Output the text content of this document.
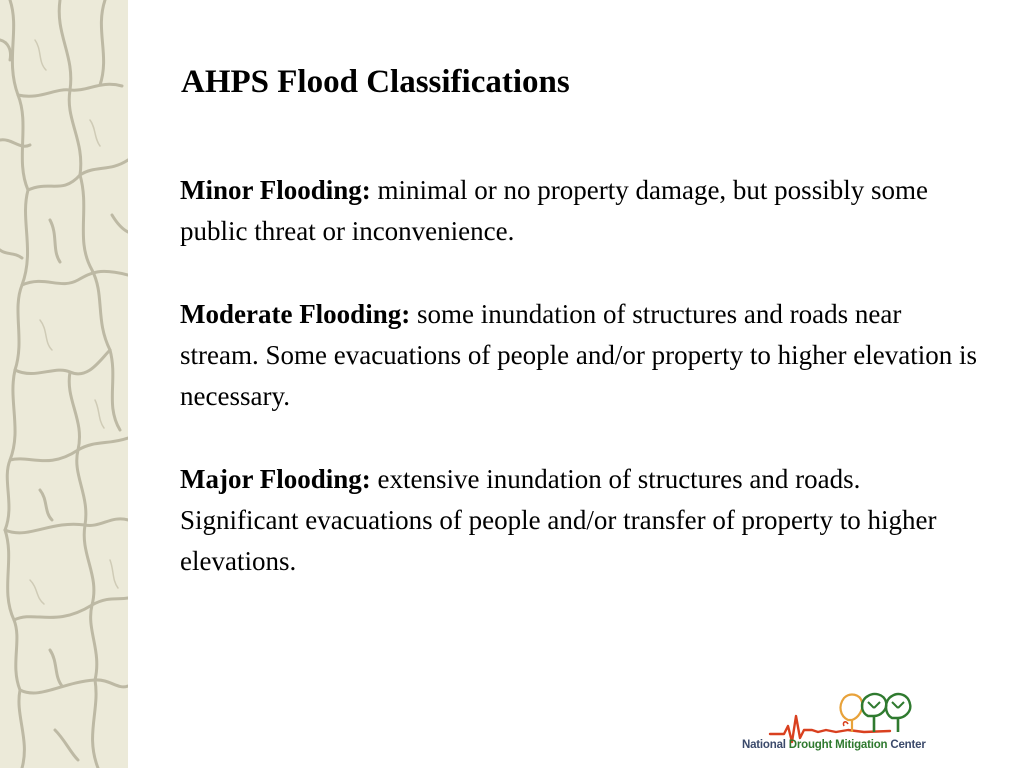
AHPS Flood Classifications

Minor Flooding: minimal or no property damage, but possibly some public threat or inconvenience.

Moderate Flooding: some inundation of structures and roads near stream. Some evacuations of people and/or property to higher elevation is necessary.

Major Flooding: extensive inundation of structures and roads. Significant evacuations of people and/or transfer of property to higher elevations.

National Drought Mitigation Center
